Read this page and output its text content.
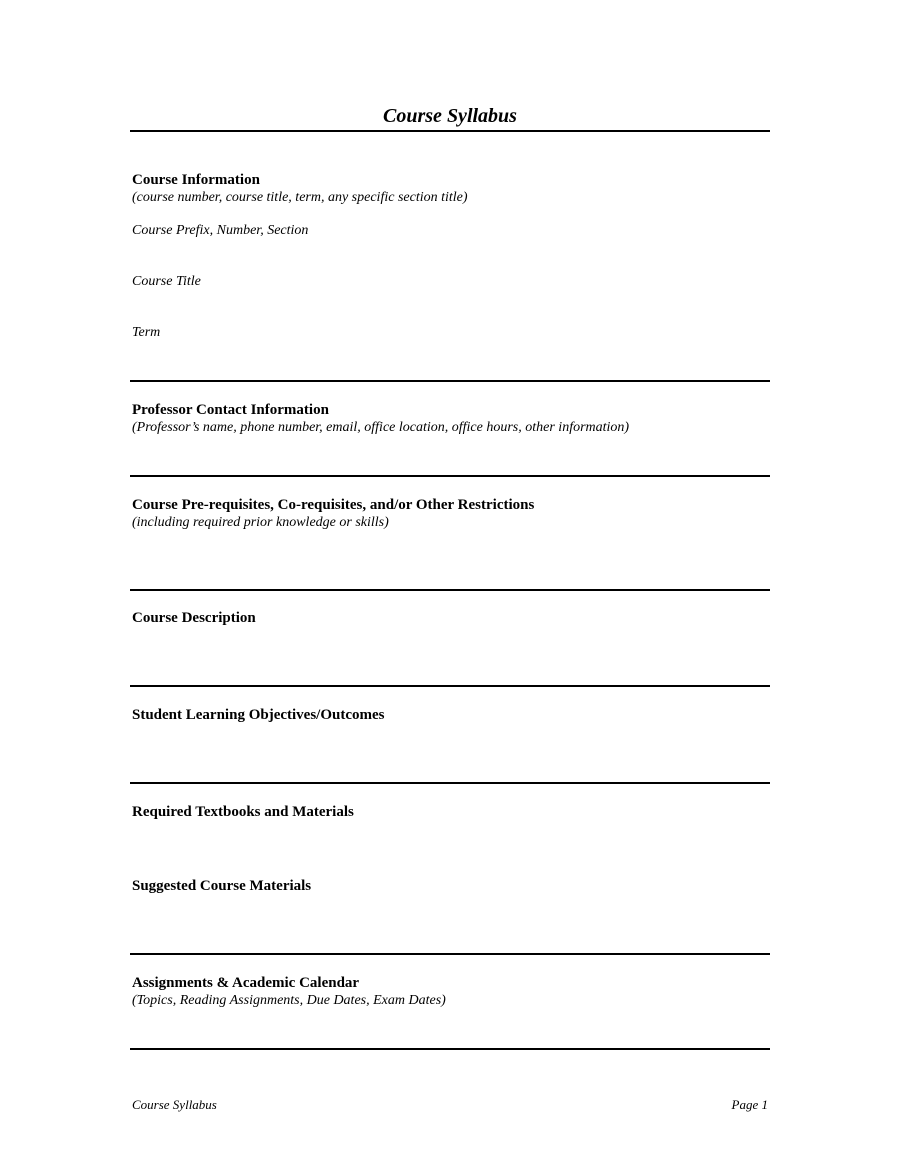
Course Syllabus

Course Information

(course number, course title, term, any specific section title)

Course Prefix, Number, Section

Course Title

Term

Professor Contact Information

(Professor’s name, phone number, email, office location, office hours, other information)

Course Pre-requisites, Co-requisites, and/or Other Restrictions

(including required prior knowledge or skills)

Course Description

Student Learning Objectives/Outcomes

Required Textbooks and Materials

Suggested Course Materials

Assignments & Academic Calendar

(Topics, Reading Assignments, Due Dates, Exam Dates)

Course Syllabus	Page 1
